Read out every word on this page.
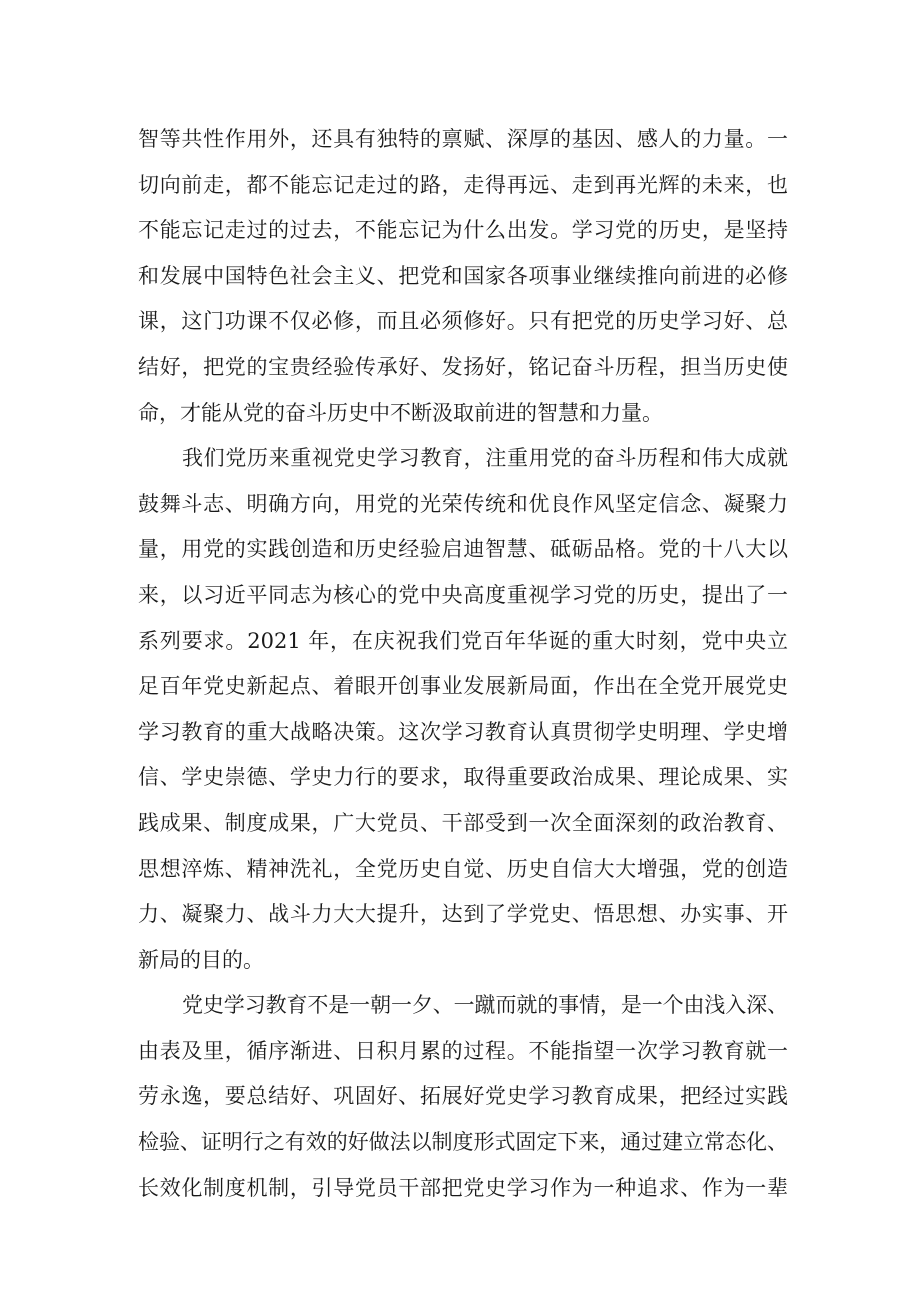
智等共性作用外，还具有独特的禀赋、深厚的基因、感人的力量。一
切向前走，都不能忘记走过的路，走得再远、走到再光辉的未来，也
不能忘记走过的过去，不能忘记为什么出发。学习党的历史，是坚持
和发展中国特色社会主义、把党和国家各项事业继续推向前进的必修
课，这门功课不仅必修，而且必须修好。只有把党的历史学习好、总
结好，把党的宝贵经验传承好、发扬好，铭记奋斗历程，担当历史使
命，才能从党的奋斗历史中不断汲取前进的智慧和力量。
我们党历来重视党史学习教育，注重用党的奋斗历程和伟大成就
鼓舞斗志、明确方向，用党的光荣传统和优良作风坚定信念、凝聚力
量，用党的实践创造和历史经验启迪智慧、砥砺品格。党的十八大以
来，以习近平同志为核心的党中央高度重视学习党的历史，提出了一
系列要求。2021 年，在庆祝我们党百年华诞的重大时刻，党中央立
足百年党史新起点、着眼开创事业发展新局面，作出在全党开展党史
学习教育的重大战略决策。这次学习教育认真贯彻学史明理、学史增
信、学史崇德、学史力行的要求，取得重要政治成果、理论成果、实
践成果、制度成果，广大党员、干部受到一次全面深刻的政治教育、
思想淬炼、精神洗礼，全党历史自觉、历史自信大大增强，党的创造
力、凝聚力、战斗力大大提升，达到了学党史、悟思想、办实事、开
新局的目的。
党史学习教育不是一朝一夕、一蹴而就的事情，是一个由浅入深、
由表及里，循序渐进、日积月累的过程。不能指望一次学习教育就一
劳永逸，要总结好、巩固好、拓展好党史学习教育成果，把经过实践
检验、证明行之有效的好做法以制度形式固定下来，通过建立常态化、
长效化制度机制，引导党员干部把党史学习作为一种追求、作为一辈
